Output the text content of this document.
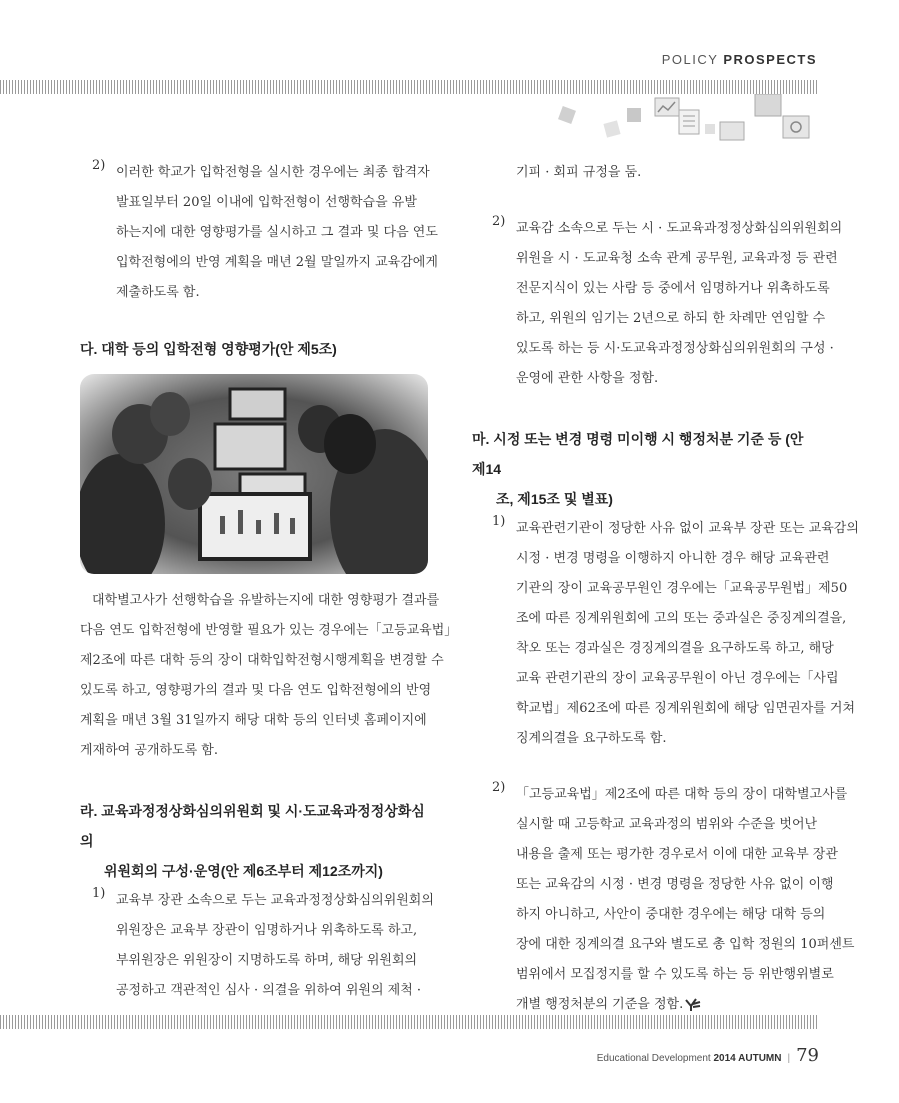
POLICY PROSPECTS
2) 이러한 학교가 입학전형을 실시한 경우에는 최종 합격자
발표일부터 20일 이내에 입학전형이 선행학습을 유발
하는지에 대한 영향평가를 실시하고 그 결과 및 다음 연도
입학전형에의 반영 계획을 매년 2월 말일까지 교육감에게
제출하도록 함.

다. 대학 등의 입학전형 영향평가(안 제5조)

대학별고사가 선행학습을 유발하는지에 대한 영향평가 결과를
다음 연도 입학전형에 반영할 필요가 있는 경우에는「고등교육법」
제2조에 따른 대학 등의 장이 대학입학전형시행계획을 변경할 수
있도록 하고, 영향평가의 결과 및 다음 연도 입학전형에의 반영
계획을 매년 3월 31일까지 해당 대학 등의 인터넷 홈페이지에
게재하여 공개하도록 함.

라. 교육과정정상화심의위원회 및 시·도교육과정정상화심의
위원회의 구성·운영(안 제6조부터 제12조까지)
1) 교육부 장관 소속으로 두는 교육과정정상화심의위원회의
위원장은 교육부 장관이 임명하거나 위촉하도록 하고,
부위원장은 위원장이 지명하도록 하며, 해당 위원회의
공정하고 객관적인 심사 · 의결을 위하여 위원의 제척 ·

기피 · 회피 규정을 둠.

2) 교육감 소속으로 두는 시 · 도교육과정정상화심의위원회의
위원을 시 · 도교육청 소속 관계 공무원, 교육과정 등 관련
전문지식이 있는 사람 등 중에서 임명하거나 위촉하도록
하고, 위원의 임기는 2년으로 하되 한 차례만 연임할 수
있도록 하는 등 시·도교육과정정상화심의위원회의 구성 ·
운영에 관한 사항을 정함.

마. 시정 또는 변경 명령 미이행 시 행정처분 기준 등 (안 제14
조, 제15조 및 별표)
1) 교육관련기관이 정당한 사유 없이 교육부 장관 또는 교육감의
시정 · 변경 명령을 이행하지 아니한 경우 해당 교육관련
기관의 장이 교육공무원인 경우에는「교육공무원법」제50
조에 따른 징계위원회에 고의 또는 중과실은 중징계의결을,
착오 또는 경과실은 경징계의결을 요구하도록 하고, 해당
교육 관련기관의 장이 교육공무원이 아닌 경우에는「사립
학교법」제62조에 따른 징계위원회에 해당 임면권자를 거쳐
징계의결을 요구하도록 함.

2) 「고등교육법」제2조에 따른 대학 등의 장이 대학별고사를
실시할 때 고등학교 교육과정의 범위와 수준을 벗어난
내용을 출제 또는 평가한 경우로서 이에 대한 교육부 장관
또는 교육감의 시정 · 변경 명령을 정당한 사유 없이 이행
하지 아니하고, 사안이 중대한 경우에는 해당 대학 등의
장에 대한 징계의결 요구와 별도로 총 입학 정원의 10퍼센트
범위에서 모집정지를 할 수 있도록 하는 등 위반행위별로
개별 행정처분의 기준을 정함.

Educational Development 2014 AUTUMN | 79
